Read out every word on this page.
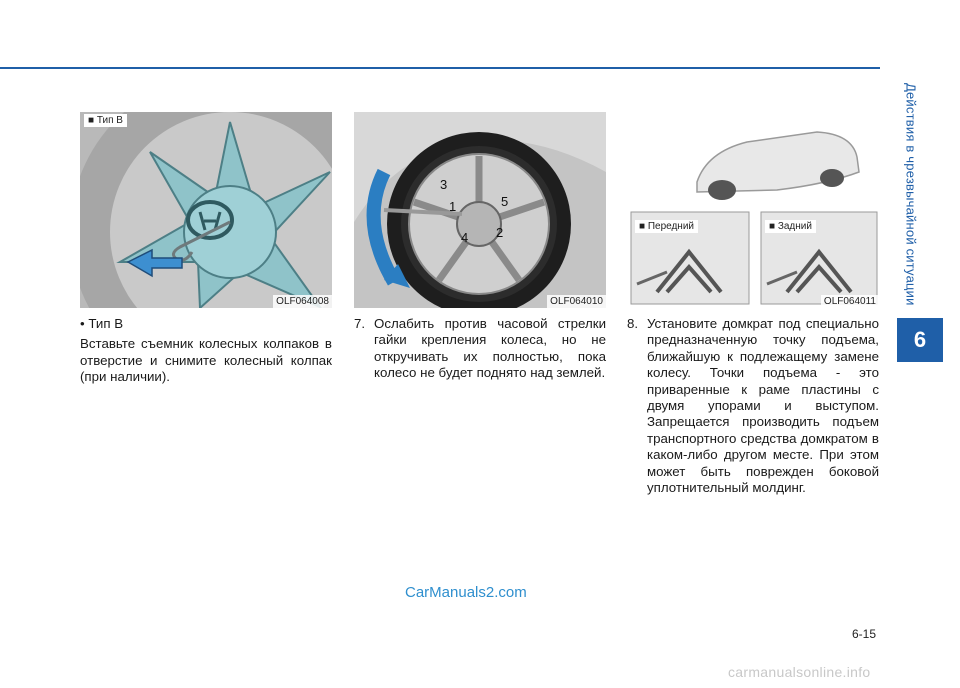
Действия в чрезвычайной ситуации
6
■ Тип B
OLF064008
3
1	5
4 2
OLF064010
■ Передний	■ Задний
OLF064011

• Тип B

Вставьте съемник колесных колпаков в отверстие и снимите колесный колпак (при наличии).

7. Ослабить против часовой стрелки гайки крепления колеса, но не откручивать их полностью, пока колесо не будет поднято над землей.
8. Установите домкрат под специально предназначенную точку подъема, ближайшую к подлежащему замене колесу. Точки подъема - это приваренные к раме пластины с двумя упорами и выступом. Запрещается производить подъем транспортного средства домкратом в каком-либо другом месте. При этом может быть поврежден боковой уплотнительный молдинг.
CarManuals2.com
6-15
carmanualsonline.info
